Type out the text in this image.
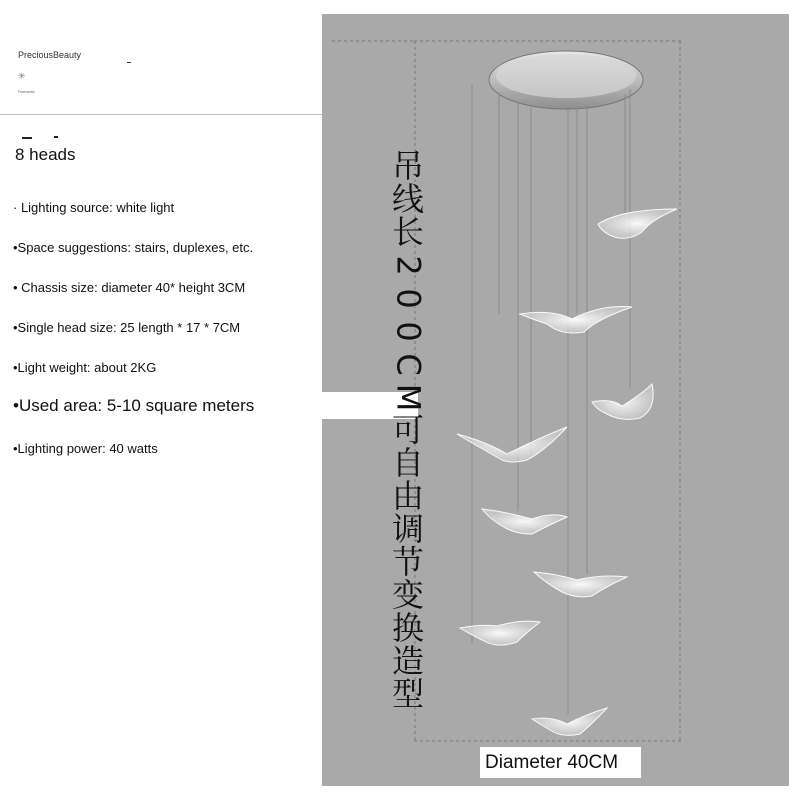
PreciousBeauty
✳
Romantic
8 heads
· Lighting source: white light
•Space suggestions: stairs, duplexes, etc.
• Chassis size: diameter 40* height 3CM
•Single head size: 25 length * 17 * 7CM
•Light weight: about 2KG
•Used area: 5-10 square meters
•Lighting power: 40 watts
吊
线
长
2
0
0
C
M
可
自
由
调
节
变
换
造
型
Diameter 40CM
